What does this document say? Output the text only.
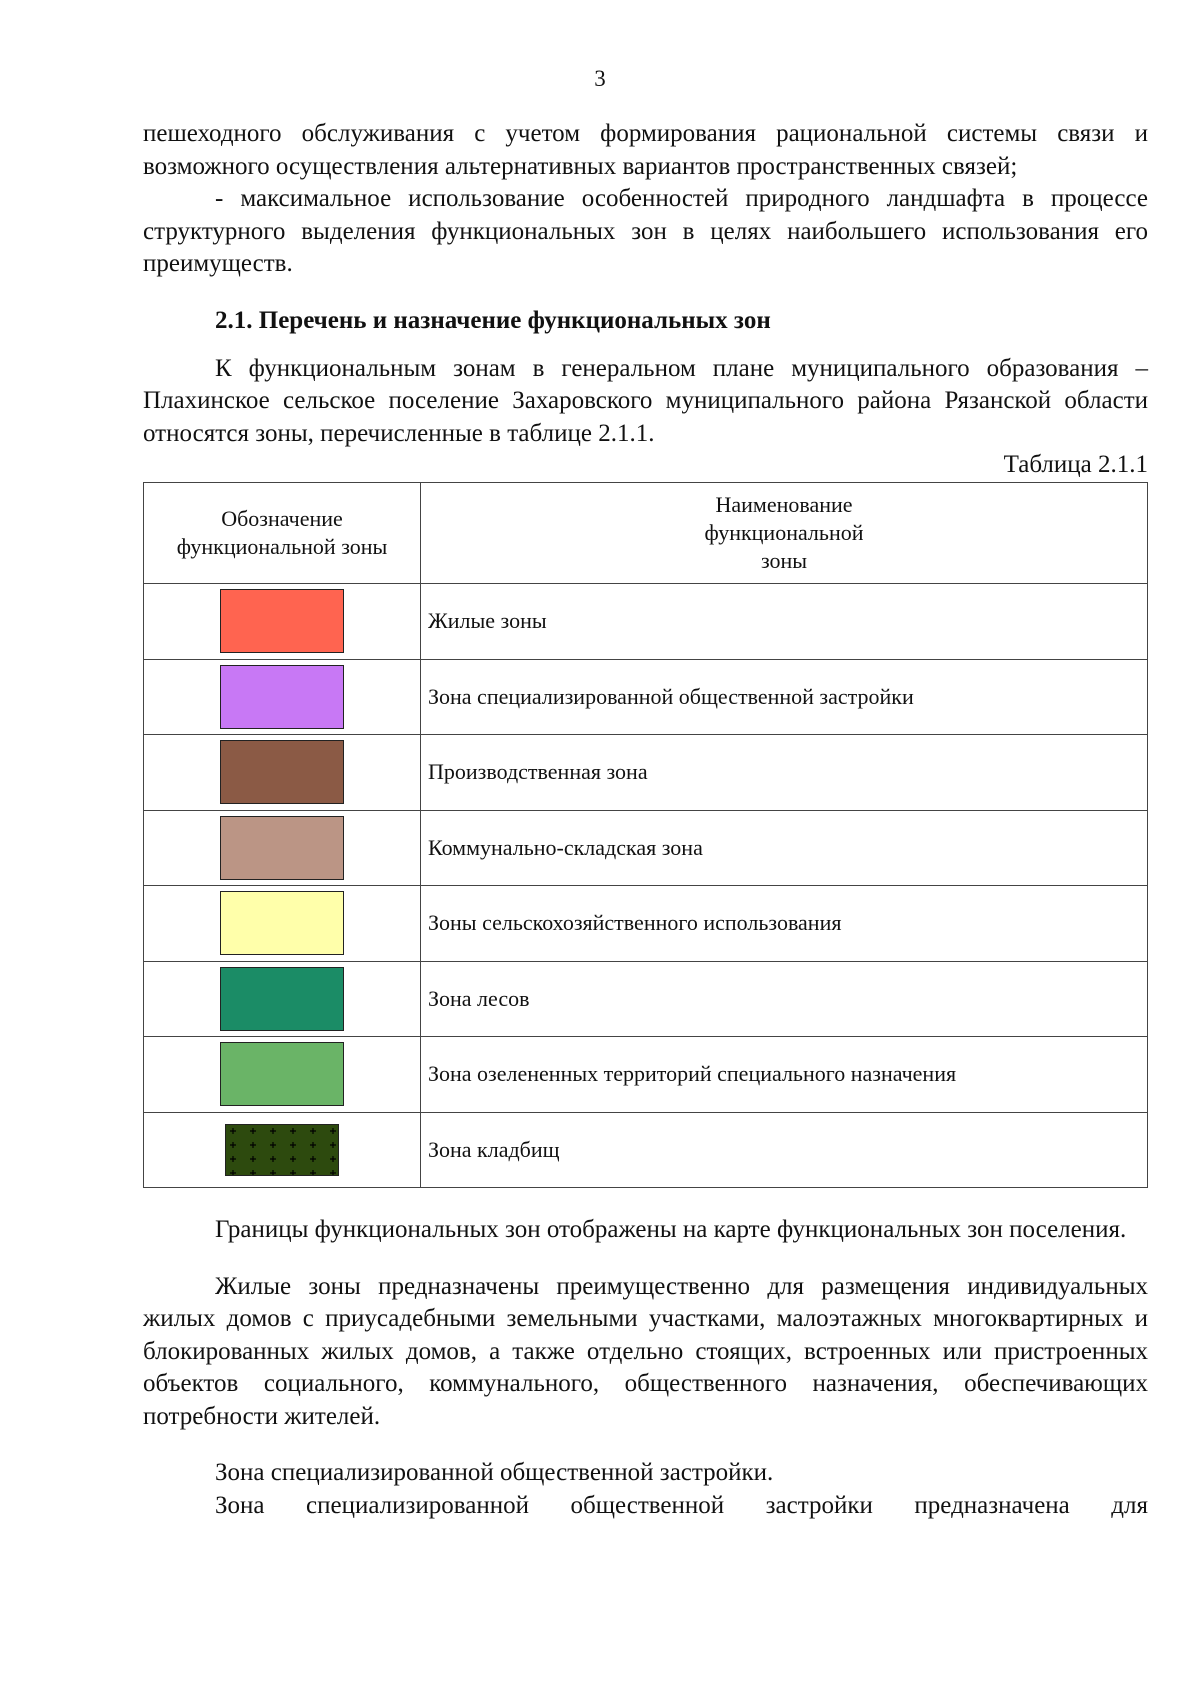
3

пешеходного обслуживания с учетом формирования рациональной системы связи и возможного осуществления альтернативных вариантов пространственных связей;

- максимальное использование особенностей природного ландшафта в процессе структурного выделения функциональных зон в целях наибольшего использования его преимуществ.

2.1. Перечень и назначение функциональных зон

К функциональным зонам в генеральном плане муниципального образования – Плахинское сельское поселение Захаровского муниципального района Рязанской области относятся зоны, перечисленные в таблице 2.1.1.

Таблица 2.1.1
Обозначение функциональной зоны	Наименование функциональной зоны
	Жилые зоны
	Зона специализированной общественной застройки
	Производственная зона
	Коммунально-складская зона
	Зоны сельскохозяйственного использования
	Зона лесов
	Зона озелененных территорий специального назначения
	Зона кладбищ

Границы функциональных зон отображены на карте функциональных зон поселения.

Жилые зоны предназначены преимущественно для размещения индивидуальных жилых домов с приусадебными земельными участками, малоэтажных многоквартирных и блокированных жилых домов, а также отдельно стоящих, встроенных или пристроенных объектов социального, коммунального, общественного назначения, обеспечивающих потребности жителей.

Зона специализированной общественной застройки.

Зона специализированной общественной застройки предназначена для
